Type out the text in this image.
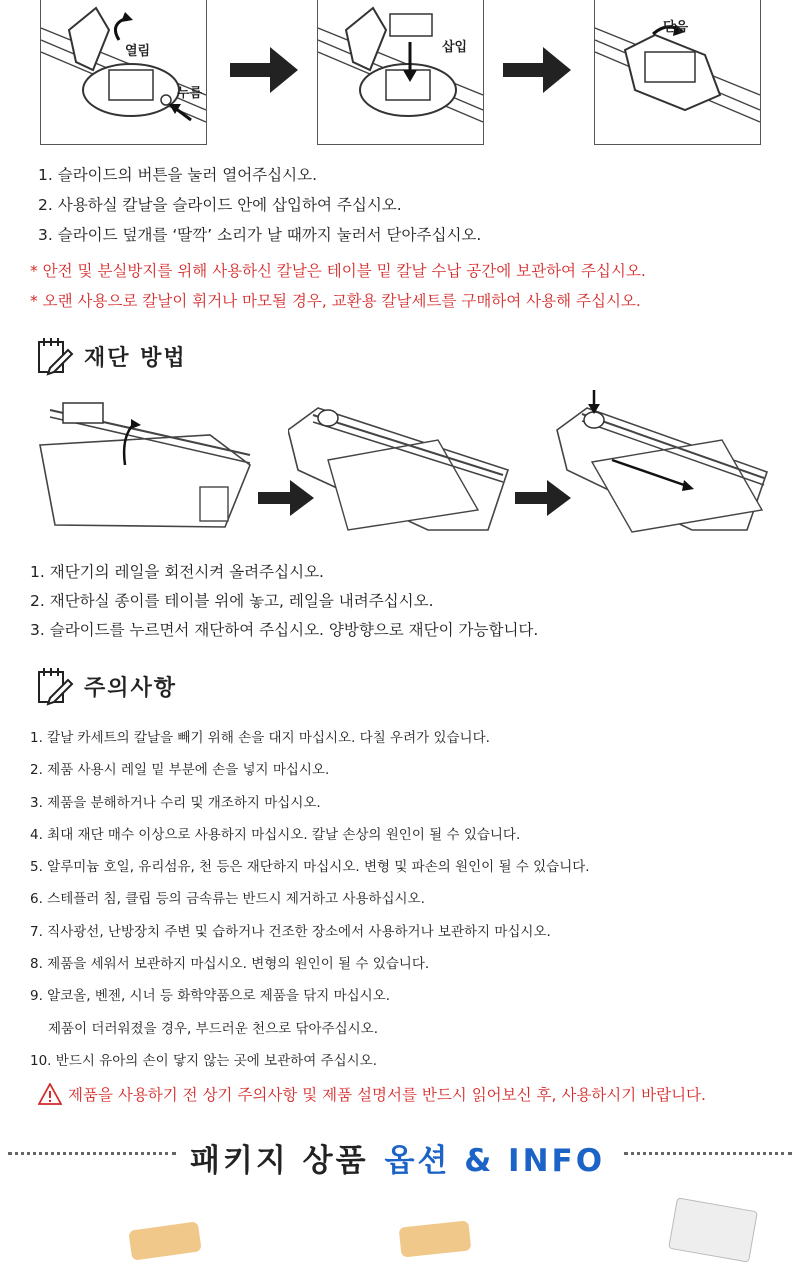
열림
누름
삽입
닫음
1. 슬라이드의 버튼을 눌러 열어주십시오.
2. 사용하실 칼날을 슬라이드 안에 삽입하여 주십시오.
3. 슬라이드 덮개를 ‘딸깍’ 소리가 날 때까지 눌러서 닫아주십시오.
* 안전 및 분실방지를 위해 사용하신 칼날은 테이블 밑 칼날 수납 공간에 보관하여 주십시오.
* 오랜 사용으로 칼날이 휘거나 마모될 경우, 교환용 칼날세트를 구매하여 사용해 주십시오.
재단 방법
1. 재단기의 레일을 회전시켜 올려주십시오.
2. 재단하실 종이를 테이블 위에 놓고, 레일을 내려주십시오.
3. 슬라이드를 누르면서 재단하여 주십시오. 양방향으로 재단이 가능합니다.
주의사항
1. 칼날 카세트의 칼날을 빼기 위해 손을 대지 마십시오. 다칠 우려가 있습니다.
2. 제품 사용시 레일 밑 부분에 손을 넣지 마십시오.
3. 제품을 분해하거나 수리 및 개조하지 마십시오.
4. 최대 재단 매수 이상으로 사용하지 마십시오. 칼날 손상의 원인이 될 수 있습니다.
5. 알루미늄 호일, 유리섬유, 천 등은 재단하지 마십시오. 변형 및 파손의 원인이 될 수 있습니다.
6. 스테플러 침, 클립 등의 금속류는 반드시 제거하고 사용하십시오.
7. 직사광선, 난방장치 주변 및 습하거나 건조한 장소에서 사용하거나 보관하지 마십시오.
8. 제품을 세워서 보관하지 마십시오. 변형의 원인이 될 수 있습니다.
9. 알코올, 벤젠, 시너 등 화학약품으로 제품을 닦지 마십시오.
제품이 더러워졌을 경우, 부드러운 천으로 닦아주십시오.
10. 반드시 유아의 손이 닿지 않는 곳에 보관하여 주십시오.
제품을 사용하기 전 상기 주의사항 및 제품 설명서를 반드시 읽어보신 후, 사용하시기 바랍니다.
패키지 상품 옵션 & INFO
